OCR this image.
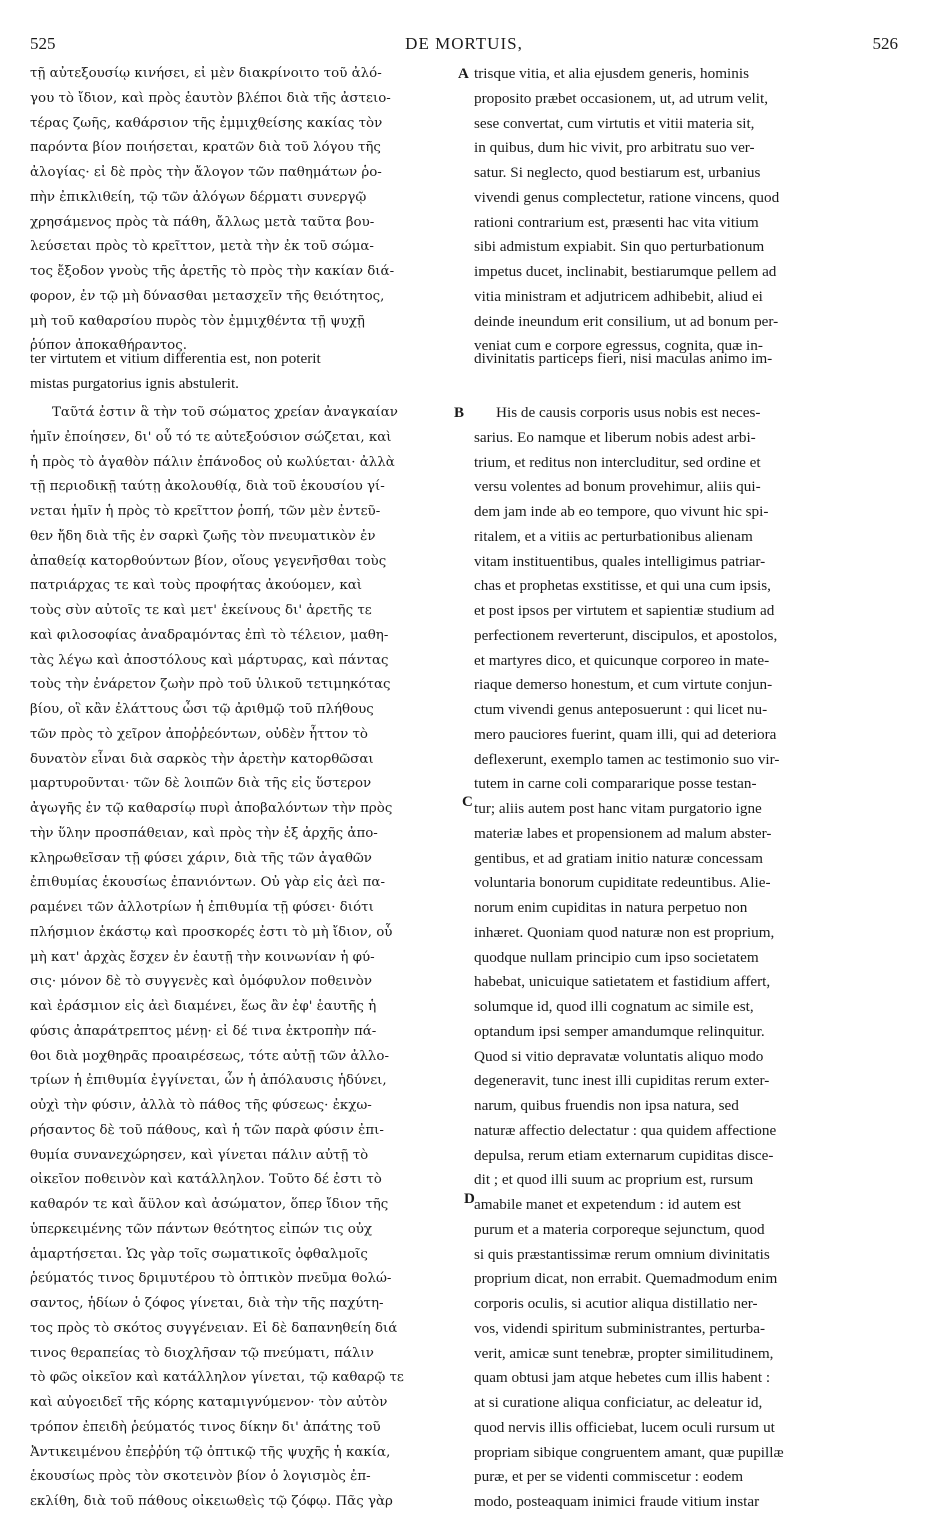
525	DE MORTUIS,	526
A
B
C
D
τῇ αὐτεξουσίῳ κινήσει, εἰ μὲν διακρίνοιτο τοῦ ἀλό-
γου τὸ ἴδιον, καὶ πρὸς ἑαυτὸν βλέποι διὰ τῆς ἀστειο-
τέρας ζωῆς, καθάρσιον τῆς ἐμμιχθείσης κακίας τὸν
παρόντα βίον ποιήσεται, κρατῶν διὰ τοῦ λόγου τῆς
ἀλογίας· εἰ δὲ πρὸς τὴν ἄλογον τῶν παθημάτων ῥο-
πὴν ἐπικλιθείη, τῷ τῶν ἀλόγων δέρματι συνεργῷ
χρησάμενος πρὸς τὰ πάθη, ἄλλως μετὰ ταῦτα βου-
λεύσεται πρὸς τὸ κρεῖττον, μετὰ τὴν ἐκ τοῦ σώμα-
τος ἔξοδον γνοὺς τῆς ἀρετῆς τὸ πρὸς τὴν κακίαν διά-
φορον, ἐν τῷ μὴ δύνασθαι μετασχεῖν τῆς θειότητος,
μὴ τοῦ καθαρσίου πυρὸς τὸν ἐμμιχθέντα τῇ ψυχῇ
ῥύπον ἀποκαθήραντος.
trisque vitia, et alia ejusdem generis, hominis
proposito præbet occasionem, ut, ad utrum velit,
sese convertat, cum virtutis et vitii materia sit,
in quibus, dum hic vivit, pro arbitratu suo ver-
satur. Si neglecto, quod bestiarum est, urbanius
vivendi genus complectetur, ratione vincens, quod
rationi contrarium est, præsenti hac vita vitium
sibi admistum expiabit. Sin quo perturbationum
impetus ducet, inclinabit, bestiarumque pellem ad
vitia ministram et adjutricem adhibebit, aliud ei
deinde ineundum erit consilium, ut ad bonum per-
veniat cum e corpore egressus, cognita, quæ in-
ter virtutem et vitium differentia est, non poterit
mistas purgatorius ignis abstulerit.
divinitatis particeps fieri, nisi maculas animo im-
Ταῦτά ἐστιν ἃ τὴν τοῦ σώματος χρείαν ἀναγκαίαν
ἡμῖν ἐποίησεν, δι' οὗ τό τε αὐτεξούσιον σώζεται, καὶ
ἡ πρὸς τὸ ἀγαθὸν πάλιν ἐπάνοδος οὐ κωλύεται· ἀλλὰ
τῇ περιοδικῇ ταύτῃ ἀκολουθίᾳ, διὰ τοῦ ἑκουσίου γί-
νεται ἡμῖν ἡ πρὸς τὸ κρεῖττον ῥοπή, τῶν μὲν ἐντεῦ-
θεν ἤδη διὰ τῆς ἐν σαρκὶ ζωῆς τὸν πνευματικὸν ἐν
ἀπαθείᾳ κατορθούντων βίον, οἵους γεγενῆσθαι τοὺς
πατριάρχας τε καὶ τοὺς προφήτας ἀκούομεν, καὶ
τοὺς σὺν αὐτοῖς τε καὶ μετ' ἐκείνους δι' ἀρετῆς τε
καὶ φιλοσοφίας ἀναδραμόντας ἐπὶ τὸ τέλειον, μαθη-
τὰς λέγω καὶ ἀποστόλους καὶ μάρτυρας, καὶ πάντας
τοὺς τὴν ἐνάρετον ζωὴν πρὸ τοῦ ὑλικοῦ τετιμηκότας
βίου, οἳ κἂν ἐλάττους ὦσι τῷ ἀριθμῷ τοῦ πλήθους
τῶν πρὸς τὸ χεῖρον ἀποῤῥεόντων, οὐδὲν ἧττον τὸ
δυνατὸν εἶναι διὰ σαρκὸς τὴν ἀρετὴν κατορθῶσαι
μαρτυροῦνται· τῶν δὲ λοιπῶν διὰ τῆς εἰς ὕστερον
ἀγωγῆς ἐν τῷ καθαρσίῳ πυρὶ ἀποβαλόντων τὴν πρὸς
τὴν ὕλην προσπάθειαν, καὶ πρὸς τὴν ἐξ ἀρχῆς ἀπο-
κληρωθεῖσαν τῇ φύσει χάριν, διὰ τῆς τῶν ἀγαθῶν
ἐπιθυμίας ἑκουσίως ἐπανιόντων. Οὐ γὰρ εἰς ἀεὶ πα-
ραμένει τῶν ἀλλοτρίων ἡ ἐπιθυμία τῇ φύσει· διότι
πλήσμιον ἑκάστῳ καὶ προσκορές ἐστι τὸ μὴ ἴδιον, οὗ
μὴ κατ' ἀρχὰς ἔσχεν ἐν ἑαυτῇ τὴν κοινωνίαν ἡ φύ-
σις· μόνον δὲ τὸ συγγενὲς καὶ ὁμόφυλον ποθεινὸν
καὶ ἐράσμιον εἰς ἀεὶ διαμένει, ἕως ἂν ἐφ' ἑαυτῆς ἡ
φύσις ἀπαράτρεπτος μένῃ· εἰ δέ τινα ἐκτροπὴν πά-
θοι διὰ μοχθηρᾶς προαιρέσεως, τότε αὐτῇ τῶν ἀλλο-
τρίων ἡ ἐπιθυμία ἐγγίνεται, ὧν ἡ ἀπόλαυσις ἡδύνει,
οὐχὶ τὴν φύσιν, ἀλλὰ τὸ πάθος τῆς φύσεως· ἐκχω-
ρήσαντος δὲ τοῦ πάθους, καὶ ἡ τῶν παρὰ φύσιν ἐπι-
θυμία συνανεχώρησεν, καὶ γίνεται πάλιν αὐτῇ τὸ
οἰκεῖον ποθεινὸν καὶ κατάλληλον. Τοῦτο δέ ἐστι τὸ
καθαρόν τε καὶ ἄϋλον καὶ ἀσώματον, ὅπερ ἴδιον τῆς
ὑπερκειμένης τῶν πάντων θεότητος εἰπών τις οὐχ
ἁμαρτήσεται. Ὡς γὰρ τοῖς σωματικοῖς ὀφθαλμοῖς
ῥεύματός τινος δριμυτέρου τὸ ὀπτικὸν πνεῦμα θολώ-
σαντος, ἡδίων ὁ ζόφος γίνεται, διὰ τὴν τῆς παχύτη-
τος πρὸς τὸ σκότος συγγένειαν. Εἰ δὲ δαπανηθείη διά
τινος θεραπείας τὸ διοχλῆσαν τῷ πνεύματι, πάλιν
τὸ φῶς οἰκεῖον καὶ κατάλληλον γίνεται, τῷ καθαρῷ τε
καὶ αὐγοειδεῖ τῆς κόρης καταμιγνύμενον· τὸν αὐτὸν
τρόπον ἐπειδὴ ῥεύματός τινος δίκην δι' ἀπάτης τοῦ
Ἀντικειμένου ἐπεῤῥύη τῷ ὀπτικῷ τῆς ψυχῆς ἡ κακία,
ἑκουσίως πρὸς τὸν σκοτεινὸν βίον ὁ λογισμὸς ἐπ-
εκλίθη, διὰ τοῦ πάθους οἰκειωθεὶς τῷ ζόφῳ. Πᾶς γὰρ
His de causis corporis usus nobis est neces-
sarius. Eo namque et liberum nobis adest arbi-
trium, et reditus non intercluditur, sed ordine et
versu volentes ad bonum provehimur, aliis qui-
dem jam inde ab eo tempore, quo vivunt hic spi-
ritalem, et a vitiis ac perturbationibus alienam
vitam instituentibus, quales intelligimus patriar-
chas et prophetas exstitisse, et qui una cum ipsis,
et post ipsos per virtutem et sapientiæ studium ad
perfectionem reverterunt, discipulos, et apostolos,
et martyres dico, et quicunque corporeo in mate-
riaque demerso honestum, et cum virtute conjun-
ctum vivendi genus anteposuerunt : qui licet nu-
mero pauciores fuerint, quam illi, qui ad deteriora
deflexerunt, exemplo tamen ac testimonio suo vir-
tutem in carne coli compararique posse testan-
tur; aliis autem post hanc vitam purgatorio igne
materiæ labes et propensionem ad malum abster-
gentibus, et ad gratiam initio naturæ concessam
voluntaria bonorum cupiditate redeuntibus. Alie-
norum enim cupiditas in natura perpetuo non
inhæret. Quoniam quod naturæ non est proprium,
quodque nullam principio cum ipso societatem
habebat, unicuique satietatem et fastidium affert,
solumque id, quod illi cognatum ac simile est,
optandum ipsi semper amandumque relinquitur.
Quod si vitio depravatæ voluntatis aliquo modo
degeneravit, tunc inest illi cupiditas rerum exter-
narum, quibus fruendis non ipsa natura, sed
naturæ affectio delectatur : qua quidem affectione
depulsa, rerum etiam externarum cupiditas disce-
dit ; et quod illi suum ac proprium est, rursum
amabile manet et expetendum : id autem est
purum et a materia corporeque sejunctum, quod
si quis præstantissimæ rerum omnium divinitatis
proprium dicat, non errabit. Quemadmodum enim
corporis oculis, si acutior aliqua distillatio ner-
vos, videndi spiritum subministrantes, perturba-
verit, amicæ sunt tenebræ, propter similitudinem,
quam obtusi jam atque hebetes cum illis habent :
at si curatione aliqua conficiatur, ac deleatur id,
quod nervis illis officiebat, lucem oculi rursum ut
propriam sibique congruentem amant, quæ pupillæ
puræ, et per se videnti commiscetur : eodem
modo, posteaquam inimici fraude vitium instar
